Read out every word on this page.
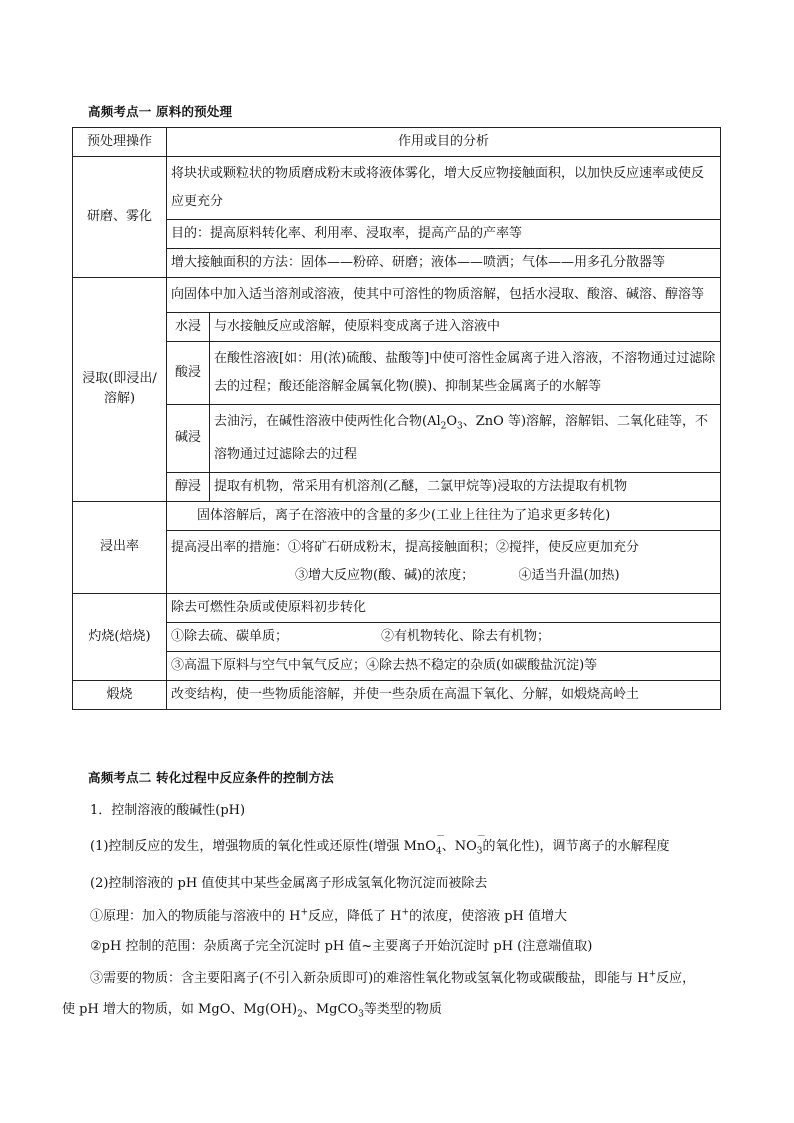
高频考点一 原料的预处理
预处理操作	作用或目的分析
研磨、雾化	将块状或颗粒状的物质磨成粉末或将液体雾化，增大反应物接触面积，以加快反应速率或使反应更充分
目的：提高原料转化率、利用率、浸取率，提高产品的产率等
增大接触面积的方法：固体——粉碎、研磨；液体——喷洒；气体——用多孔分散器等
浸取(即浸出/溶解)	向固体中加入适当溶剂或溶液，使其中可溶性的物质溶解，包括水浸取、酸溶、碱溶、醇溶等

水浸	与水接触反应或溶解，使原料变成离子进入溶液中
酸浸	在酸性溶液[如：用(浓)硫酸、盐酸等]中使可溶性金属离子进入溶液，不溶物通过过滤除去的过程；酸还能溶解金属氧化物(膜)、抑制某些金属离子的水解等
碱浸	去油污，在碱性溶液中使两性化合物($Al_2O_3$、ZnO 等)溶解，溶解铝、二氧化硅等，不溶物通过过滤除去的过程
醇浸	提取有机物，常采用有机溶剂(乙醚，二氯甲烷等)浸取的方法提取有机物

浸出率	固体溶解后，离子在溶液中的含量的多少(工业上往往为了追求更多转化)

提高浸出率的措施：①将矿石研成粉末，提高接触面积；②搅拌，使反应更加充分
③增大反应物(酸、碱)的浓度；	④适当升温(加热)

灼烧(焙烧)	除去可燃性杂质或使原料初步转化
①除去硫、碳单质；	②有机物转化、除去有机物；
③高温下原料与空气中氧气反应；④除去热不稳定的杂质(如碳酸盐沉淀)等
煅烧	改变结构，使一些物质能溶解，并使一些杂质在高温下氧化、分解，如煅烧高岭土
高频考点二 转化过程中反应条件的控制方法
1．控制溶液的酸碱性(pH)
(1)控制反应的发生，增强物质的氧化性或还原性(增强 MnO
－
$_4$、NO
－
$_3$的氧化性)，调节离子的水解程度
(2)控制溶液的 pH 值使其中某些金属离子形成氢氧化物沉淀而被除去
①原理：加入的物质能与溶液中的 H+反应，降低了 H+的浓度，使溶液 pH 值增大
②pH 控制的范围：杂质离子完全沉淀时 pH 值~主要离子开始沉淀时 pH (注意端值取)
③需要的物质：含主要阳离子(不引入新杂质即可)的难溶性氧化物或氢氧化物或碳酸盐，即能与 H+反应，
使 pH 增大的物质，如 MgO、$Mg(OH)_2$、MgCO$_3$等类型的物质
